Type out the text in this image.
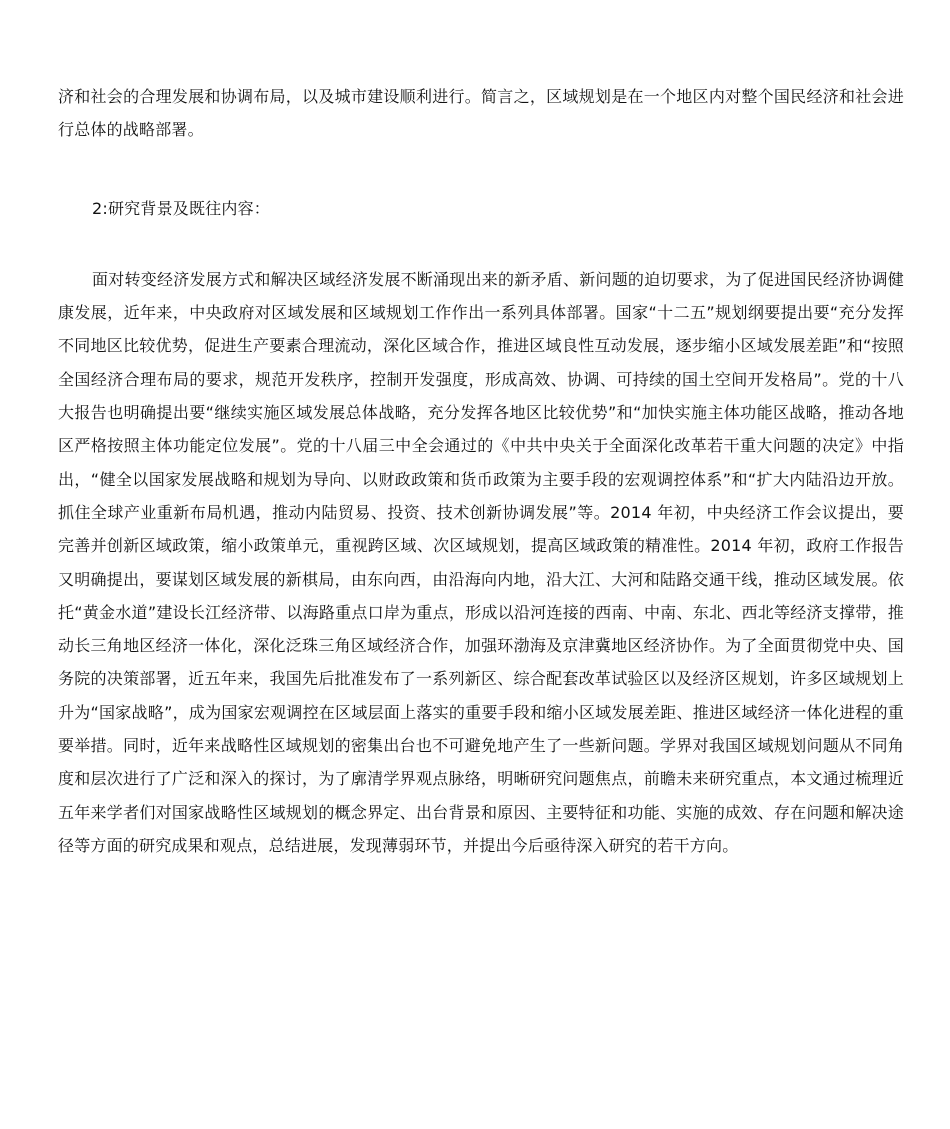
济和社会的合理发展和协调布局，以及城市建设顺利进行。简言之，区域规划是在一个地区内对整个国民经济和社会进行总体的战略部署。

2:研究背景及既往内容：

面对转变经济发展方式和解决区域经济发展不断涌现出来的新矛盾、新问题的迫切要求，为了促进国民经济协调健康发展，近年来，中央政府对区域发展和区域规划工作作出一系列具体部署。国家“十二五”规划纲要提出要“充分发挥不同地区比较优势，促进生产要素合理流动，深化区域合作，推进区域良性互动发展，逐步缩小区域发展差距”和“按照全国经济合理布局的要求，规范开发秩序，控制开发强度，形成高效、协调、可持续的国土空间开发格局”。党的十八大报告也明确提出要“继续实施区域发展总体战略，充分发挥各地区比较优势”和“加快实施主体功能区战略，推动各地区严格按照主体功能定位发展”。党的十八届三中全会通过的《中共中央关于全面深化改革若干重大问题的决定》中指出，“健全以国家发展战略和规划为导向、以财政政策和货币政策为主要手段的宏观调控体系”和“扩大内陆沿边开放。抓住全球产业重新布局机遇，推动内陆贸易、投资、技术创新协调发展”等。2014 年初，中央经济工作会议提出，要完善并创新区域政策，缩小政策单元，重视跨区域、次区域规划，提高区域政策的精准性。2014 年初，政府工作报告又明确提出，要谋划区域发展的新棋局，由东向西，由沿海向内地，沿大江、大河和陆路交通干线，推动区域发展。依托“黄金水道”建设长江经济带、以海路重点口岸为重点，形成以沿河连接的西南、中南、东北、西北等经济支撑带，推动长三角地区经济一体化，深化泛珠三角区域经济合作，加强环渤海及京津冀地区经济协作。为了全面贯彻党中央、国务院的决策部署，近五年来，我国先后批准发布了一系列新区、综合配套改革试验区以及经济区规划，许多区域规划上升为“国家战略”，成为国家宏观调控在区域层面上落实的重要手段和缩小区域发展差距、推进区域经济一体化进程的重要举措。同时，近年来战略性区域规划的密集出台也不可避免地产生了一些新问题。学界对我国区域规划问题从不同角度和层次进行了广泛和深入的探讨，为了廓清学界观点脉络，明晰研究问题焦点，前瞻未来研究重点，本文通过梳理近五年来学者们对国家战略性区域规划的概念界定、出台背景和原因、主要特征和功能、实施的成效、存在问题和解决途径等方面的研究成果和观点，总结进展，发现薄弱环节，并提出今后亟待深入研究的若干方向。
